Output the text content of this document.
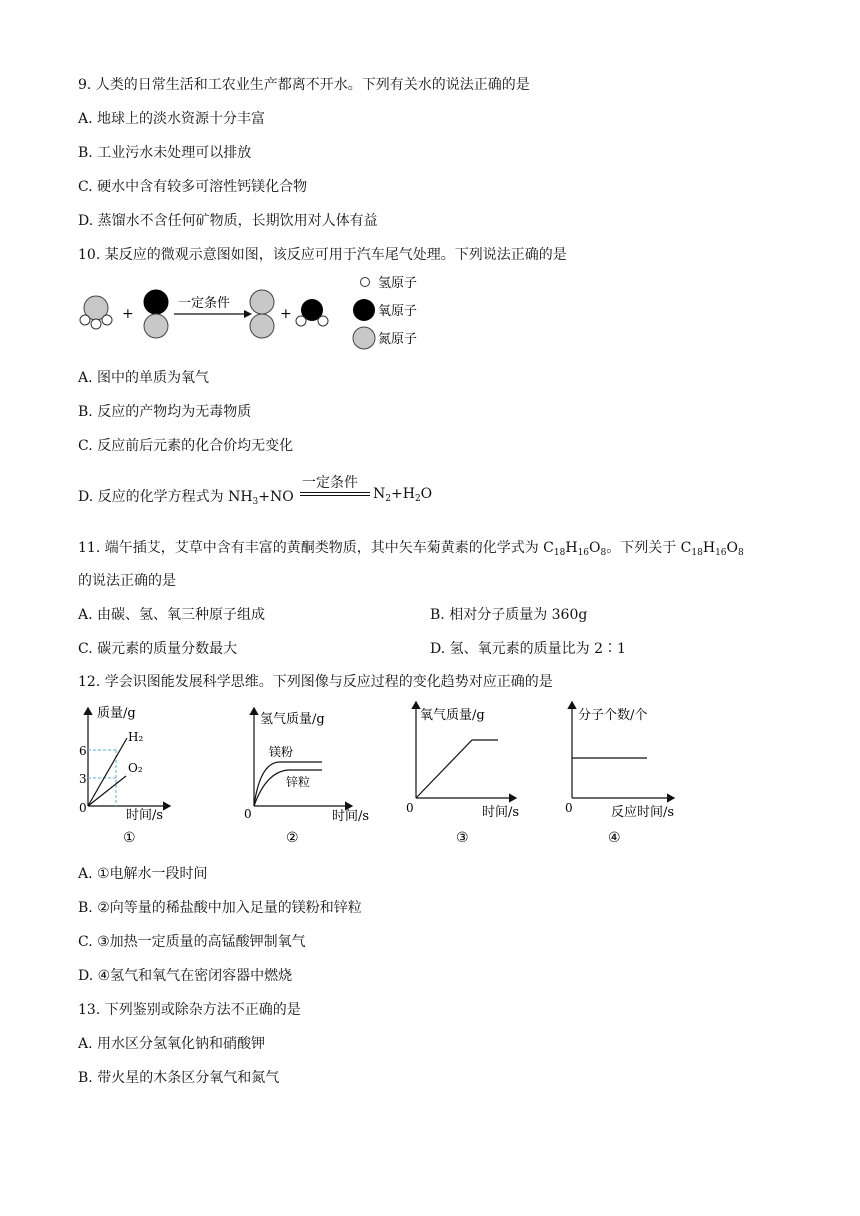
9. 人类的日常生活和工农业生产都离不开水。下列有关水的说法正确的是
A. 地球上的淡水资源十分丰富
B. 工业污水未处理可以排放
C. 硬水中含有较多可溶性钙镁化合物
D. 蒸馏水不含任何矿物质，长期饮用对人体有益
10. 某反应的微观示意图如图，该反应可用于汽车尾气处理。下列说法正确的是
+
一定条件
+
氢原子
氧原子
氮原子
A. 图中的单质为氧气
B. 反应的产物均为无毒物质
C. 反应前后元素的化合价均无变化
D. 反应的化学方程式为 $NH_3+NO$
一定条件
$N_2+H_2O$
11. 端午插艾，艾草中含有丰富的黄酮类物质，其中矢车菊黄素的化学式为 $C_{18}H_{16}O_8$。下列关于 $C_{18}H_{16}O_8$
的说法正确的是
A. 由碳、氢、氧三种原子组成	B. 相对分子质量为 360g
C. 碳元素的质量分数最大	D. 氢、氧元素的质量比为 2∶1
12. 学会识图能发展科学思维。下列图像与反应过程的变化趋势对应正确的是
质量/g
0
6
3
H₂
O₂
时间/s
①
氢气质量/g
0
镁粉
锌粒
时间/s
②
氧气质量/g
0	时间/s
③
分子个数/个
0	反应时间/s
④
A. ①电解水一段时间
B. ②向等量的稀盐酸中加入足量的镁粉和锌粒
C. ③加热一定质量的高锰酸钾制氧气
D. ④氢气和氧气在密闭容器中燃烧
13. 下列鉴别或除杂方法不正确的是
A. 用水区分氢氧化钠和硝酸钾
B. 带火星的木条区分氧气和氮气
